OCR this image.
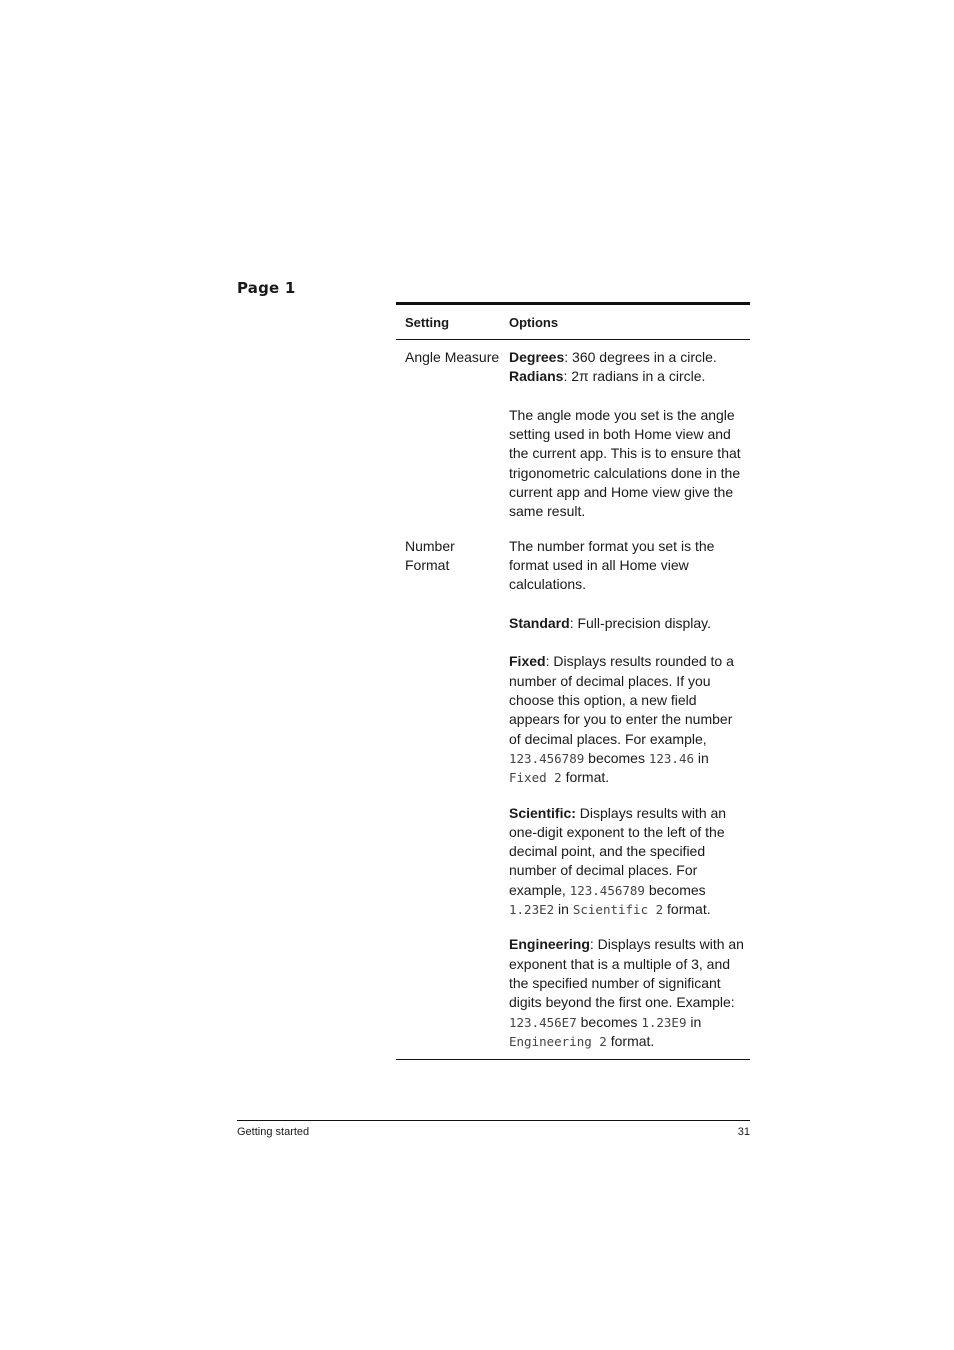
Page 1
Setting	Options
Angle Measure Degrees: 360 degrees in a circle.

Radians: 2π radians in a circle.

The angle mode you set is the angle setting used in both Home view and the current app. This is to ensure that trigonometric calculations done in the current app and Home view give the same result.

Number
Format

The number format you set is the format used in all Home view calculations.

Standard: Full-precision display.

Fixed: Displays results rounded to a number of decimal places. If you choose this option, a new field appears for you to enter the number of decimal places. For example, 123.456789 becomes 123.46 in Fixed 2 format.

Scientific: Displays results with an one-digit exponent to the left of the decimal point, and the specified number of decimal places. For example, 123.456789 becomes 1.23E2 in Scientific 2 format.

Engineering: Displays results with an exponent that is a multiple of 3, and the specified number of significant digits beyond the first one. Example: 123.456E7 becomes 1.23E9 in Engineering 2 format.

Getting started	31
